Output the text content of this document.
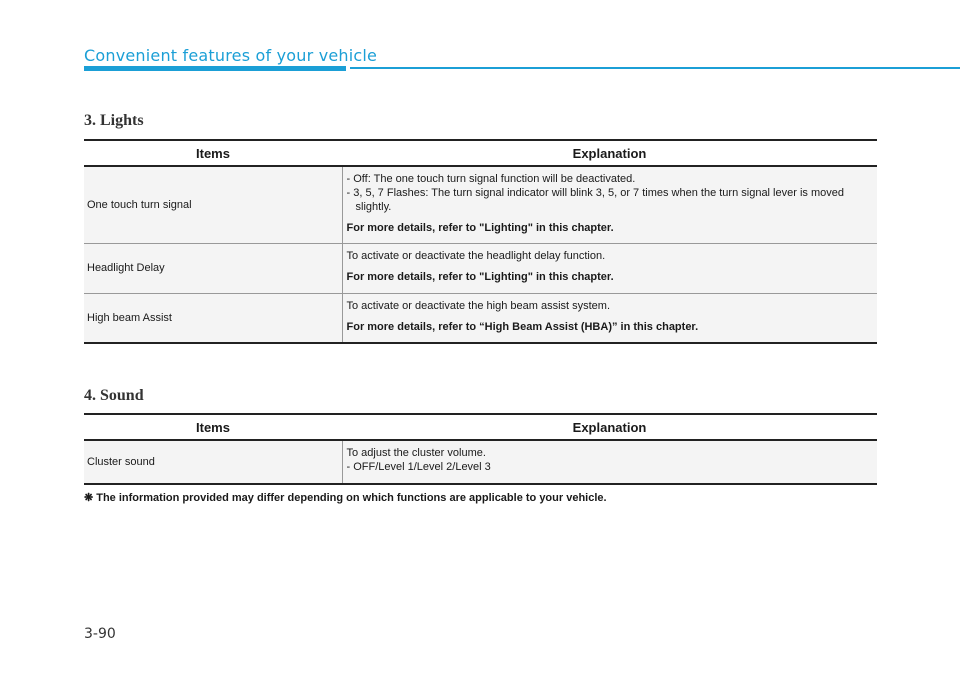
Convenient features of your vehicle
3. Lights
Items	Explanation
One touch turn signal	- Off: The one touch turn signal function will be deactivated.
- 3, 5, 7 Flashes: The turn signal indicator will blink 3, 5, or 7 times when the turn signal lever is moved slightly.
For more details, refer to "Lighting" in this chapter.

Headlight Delay	To activate or deactivate the headlight delay function.
For more details, refer to "Lighting" in this chapter.

High beam Assist	To activate or deactivate the high beam assist system.
For more details, refer to “High Beam Assist (HBA)” in this chapter.
4. Sound
Items	Explanation
Cluster sound	To adjust the cluster volume.
- OFF/Level 1/Level 2/Level 3
❋ The information provided may differ depending on which functions are applicable to your vehicle.
3-90
